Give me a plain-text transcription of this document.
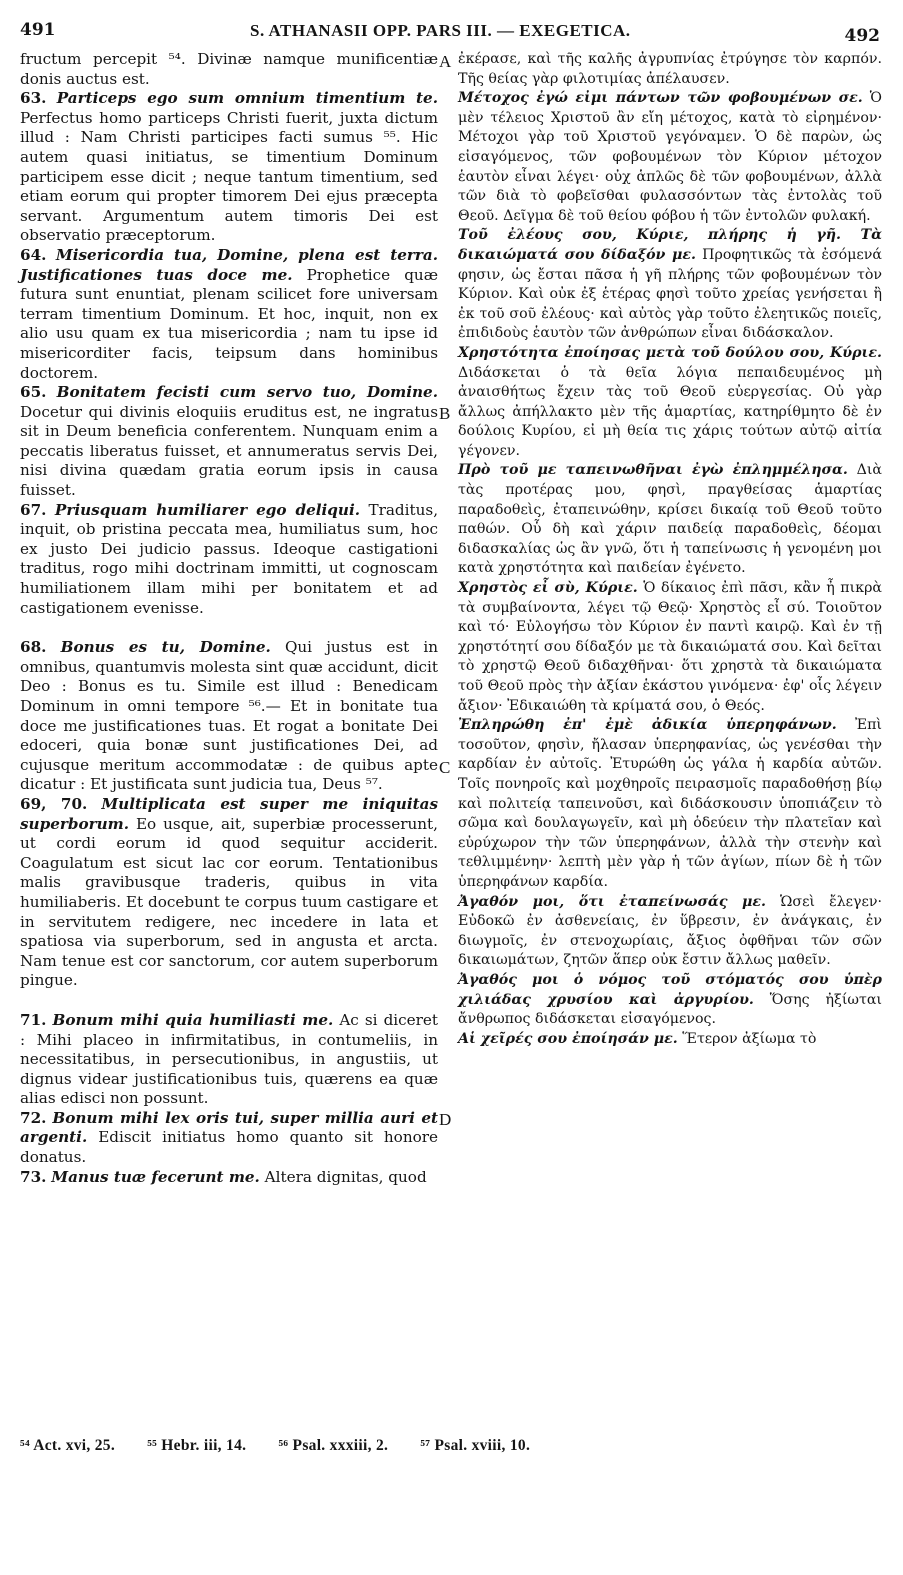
491	S. ATHANASII OPP. PARS III. — EXEGETICA.	492

fructum percepit ⁵⁴. Divinæ namque munificentiæ donis auctus est.

63. Particeps ego sum omnium timentium te. Perfectus homo particeps Christi fuerit, juxta dictum illud : Nam Christi participes facti sumus ⁵⁵. Hic autem quasi initiatus, se timentium Dominum participem esse dicit ; neque tantum timentium, sed etiam eorum qui propter timorem Dei ejus præcepta servant. Argumentum autem timoris Dei est observatio præceptorum.

64. Misericordia tua, Domine, plena est terra. Justificationes tuas doce me. Prophetice quæ futura sunt enuntiat, plenam scilicet fore universam terram timentium Dominum. Et hoc, inquit, non ex alio usu quam ex tua misericordia ; nam tu ipse id misericorditer facis, teipsum dans hominibus doctorem.

65. Bonitatem fecisti cum servo tuo, Domine. Docetur qui divinis eloquiis eruditus est, ne ingratus sit in Deum beneficia conferentem. Nunquam enim a peccatis liberatus fuisset, et annumeratus servis Dei, nisi divina quædam gratia eorum ipsis in causa fuisset.

67. Priusquam humiliarer ego deliqui. Traditus, inquit, ob pristina peccata mea, humiliatus sum, hoc ex justo Dei judicio passus. Ideoque castigationi traditus, rogo mihi doctrinam immitti, ut cognoscam humiliationem illam mihi per bonitatem et ad castigationem evenisse.

68. Bonus es tu, Domine. Qui justus est in omnibus, quantumvis molesta sint quæ accidunt, dicit Deo : Bonus es tu. Simile est illud : Benedicam Dominum in omni tempore ⁵⁶.— Et in bonitate tua doce me justificationes tuas. Et rogat a bonitate Dei edoceri, quia bonæ sunt justificationes Dei, ad cujusque meritum accommodatæ : de quibus apte dicatur : Et justificata sunt judicia tua, Deus ⁵⁷.

69, 70. Multiplicata est super me iniquitas superborum. Eo usque, ait, superbiæ processerunt, ut cordi eorum id quod sequitur acciderit. Coagulatum est sicut lac cor eorum. Tentationibus malis gravibusque traderis, quibus in vita humiliaberis. Et docebunt te corpus tuum castigare et in servitutem redigere, nec incedere in lata et spatiosa via superborum, sed in angusta et arcta. Nam tenue est cor sanctorum, cor autem superborum pingue.

71. Bonum mihi quia humiliasti me. Ac si diceret : Mihi placeo in infirmitatibus, in contumeliis, in necessitatibus, in persecutionibus, in angustiis, ut dignus videar justificationibus tuis, quærens ea quæ alias edisci non possunt.

72. Bonum mihi lex oris tui, super millia auri et argenti. Ediscit initiatus homo quanto sit honore donatus.

73. Manus tuæ fecerunt me. Altera dignitas, quod

ἐκέρασε, καὶ τῆς καλῆς ἀγρυπνίας ἐτρύγησε τὸν καρπόν. Τῆς θείας γὰρ φιλοτιμίας ἀπέλαυσεν.

Μέτοχος ἐγώ εἰμι πάντων τῶν φοβουμένων σε. Ὁ μὲν τέλειος Χριστοῦ ἂν εἴη μέτοχος, κατὰ τὸ εἰρημένον· Μέτοχοι γὰρ τοῦ Χριστοῦ γεγόναμεν. Ὁ δὲ παρὼν, ὡς εἰσαγόμενος, τῶν φοβουμένων τὸν Κύριον μέτοχον ἑαυτὸν εἶναι λέγει· οὐχ ἁπλῶς δὲ τῶν φοβουμένων, ἀλλὰ τῶν διὰ τὸ φοβεῖσθαι φυλασσόντων τὰς ἐντολὰς τοῦ Θεοῦ. Δεῖγμα δὲ τοῦ θείου φόβου ἡ τῶν ἐντολῶν φυλακή.

Τοῦ ἐλέους σου, Κύριε, πλήρης ἡ γῆ. Τὰ δικαιώματά σου δίδαξόν με. Προφητικῶς τὰ ἐσόμενά φησιν, ὡς ἔσται πᾶσα ἡ γῆ πλήρης τῶν φοβουμένων τὸν Κύριον. Καὶ οὐκ ἐξ ἑτέρας φησὶ τοῦτο χρείας γενήσεται ἢ ἐκ τοῦ σοῦ ἐλέους· καὶ αὐτὸς γὰρ τοῦτο ἐλεητικῶς ποιεῖς, ἐπιδιδοὺς ἑαυτὸν τῶν ἀνθρώπων εἶναι διδάσκαλον.

Χρηστότητα ἐποίησας μετὰ τοῦ δούλου σου, Κύριε. Διδάσκεται ὁ τὰ θεῖα λόγια πεπαιδευμένος μὴ ἀναισθήτως ἔχειν τὰς τοῦ Θεοῦ εὐεργεσίας. Οὐ γὰρ ἄλλως ἀπήλλακτο μὲν τῆς ἁμαρτίας, κατηρίθμητο δὲ ἐν δούλοις Κυρίου, εἰ μὴ θεία τις χάρις τούτων αὐτῷ αἰτία γέγονεν.

Πρὸ τοῦ με ταπεινωθῆναι ἐγὼ ἐπλημμέλησα. Διὰ τὰς προτέρας μου, φησὶ, πραγθείσας ἁμαρτίας παραδοθεὶς, ἐταπεινώθην, κρίσει δικαίᾳ τοῦ Θεοῦ τοῦτο παθών. Οὗ δὴ καὶ χάριν παιδείᾳ παραδοθεὶς, δέομαι διδασκαλίας ὡς ἂν γνῶ, ὅτι ἡ ταπείνωσις ἡ γενομένη μοι κατὰ χρηστότητα καὶ παιδείαν ἐγένετο.

Χρηστὸς εἶ σὺ, Κύριε. Ὁ δίκαιος ἐπὶ πᾶσι, κἂν ἦ πικρὰ τὰ συμβαίνοντα, λέγει τῷ Θεῷ· Χρηστὸς εἶ σύ. Τοιοῦτον καὶ τό· Εὐλογήσω τὸν Κύριον ἐν παντὶ καιρῷ. Καὶ ἐν τῇ χρηστότητί σου δίδαξόν με τὰ δικαιώματά σου. Καὶ δεῖται τὸ χρηστῷ Θεοῦ διδαχθῆναι· ὅτι χρηστὰ τὰ δικαιώματα τοῦ Θεοῦ πρὸς τὴν ἀξίαν ἑκάστου γινόμενα· ἐφ' οἷς λέγειν ἄξιον· Ἐδικαιώθη τὰ κρίματά σου, ὁ Θεός.

Ἐπληρώθη ἐπ' ἐμὲ ἀδικία ὑπερηφάνων. Ἐπὶ τοσοῦτον, φησὶν, ἤλασαν ὑπερηφανίας, ὡς γενέσθαι τὴν καρδίαν ἐν αὐτοῖς. Ἐτυρώθη ὡς γάλα ἡ καρδία αὐτῶν. Τοῖς πονηροῖς καὶ μοχθηροῖς πειρασμοῖς παραδοθήσῃ βίῳ καὶ πολιτείᾳ ταπεινοῦσι, καὶ διδάσκουσιν ὑποπιάζειν τὸ σῶμα καὶ δουλαγωγεῖν, καὶ μὴ ὁδεύειν τὴν πλατεῖαν καὶ εὐρύχωρον τὴν τῶν ὑπερηφάνων, ἀλλὰ τὴν στενὴν καὶ τεθλιμμένην· λεπτὴ μὲν γὰρ ἡ τῶν ἁγίων, πίων δὲ ἡ τῶν ὑπερηφάνων καρδία.

Ἀγαθόν μοι, ὅτι ἐταπείνωσάς με. Ὡσεὶ ἔλεγεν· Εὐδοκῶ ἐν ἀσθενείαις, ἐν ὕβρεσιν, ἐν ἀνάγκαις, ἐν διωγμοῖς, ἐν στενοχωρίαις, ἄξιος ὀφθῆναι τῶν σῶν δικαιωμάτων, ζητῶν ἅπερ οὐκ ἔστιν ἄλλως μαθεῖν.

Ἀγαθός μοι ὁ νόμος τοῦ στόματός σου ὑπὲρ χιλιάδας χρυσίου καὶ ἀργυρίου. Ὅσης ἠξίωται ἄνθρωπος διδάσκεται εἰσαγόμενος.

Αἱ χεῖρές σου ἐποίησάν με. Ἕτερον ἀξίωμα τὸ

A
B
C
D
⁵⁴ Act. xvi, 25. ⁵⁵ Hebr. iii, 14. ⁵⁶ Psal. xxxiii, 2. ⁵⁷ Psal. xviii, 10.
